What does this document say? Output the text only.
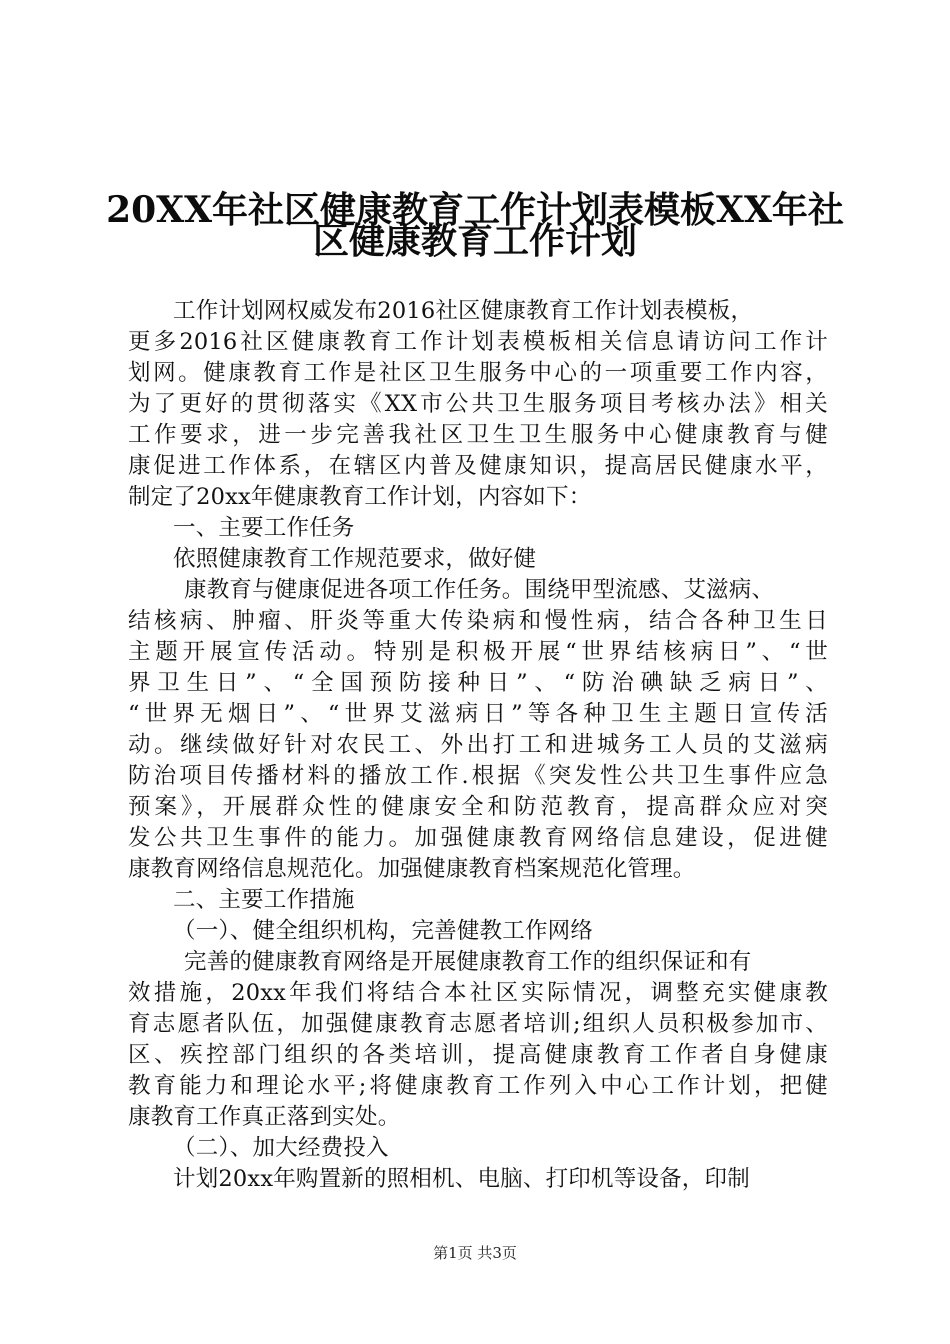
20XX年社区健康教育工作计划表模板XX年社
区健康教育工作计划
工作计划网权威发布2016社区健康教育工作计划表模板，
更多2016社区健康教育工作计划表模板相关信息请访问工作计
划网。健康教育工作是社区卫生服务中心的一项重要工作内容，
为了更好的贯彻落实《XX市公共卫生服务项目考核办法》相关
工作要求，进一步完善我社区卫生卫生服务中心健康教育与健
康促进工作体系，在辖区内普及健康知识，提高居民健康水平，
制定了20xx年健康教育工作计划，内容如下：
一、主要工作任务
依照健康教育工作规范要求，做好健
康教育与健康促进各项工作任务。围绕甲型流感、艾滋病、
结核病、肿瘤、肝炎等重大传染病和慢性病，结合各种卫生日
主题开展宣传活动。特别是积极开展“世界结核病日”、“世
界卫生日”、“全国预防接种日”、“防治碘缺乏病日”、
“世界无烟日”、“世界艾滋病日”等各种卫生主题日宣传活
动。继续做好针对农民工、外出打工和进城务工人员的艾滋病
防治项目传播材料的播放工作.根据《突发性公共卫生事件应急
预案》，开展群众性的健康安全和防范教育，提高群众应对突
发公共卫生事件的能力。加强健康教育网络信息建设，促进健
康教育网络信息规范化。加强健康教育档案规范化管理。
二、主要工作措施
（一）、健全组织机构，完善健教工作网络
完善的健康教育网络是开展健康教育工作的组织保证和有
效措施，20xx年我们将结合本社区实际情况，调整充实健康教
育志愿者队伍，加强健康教育志愿者培训;组织人员积极参加市、
区、疾控部门组织的各类培训，提高健康教育工作者自身健康
教育能力和理论水平;将健康教育工作列入中心工作计划，把健
康教育工作真正落到实处。
（二）、加大经费投入
计划20xx年购置新的照相机、电脑、打印机等设备，印制
第1页 共3页
